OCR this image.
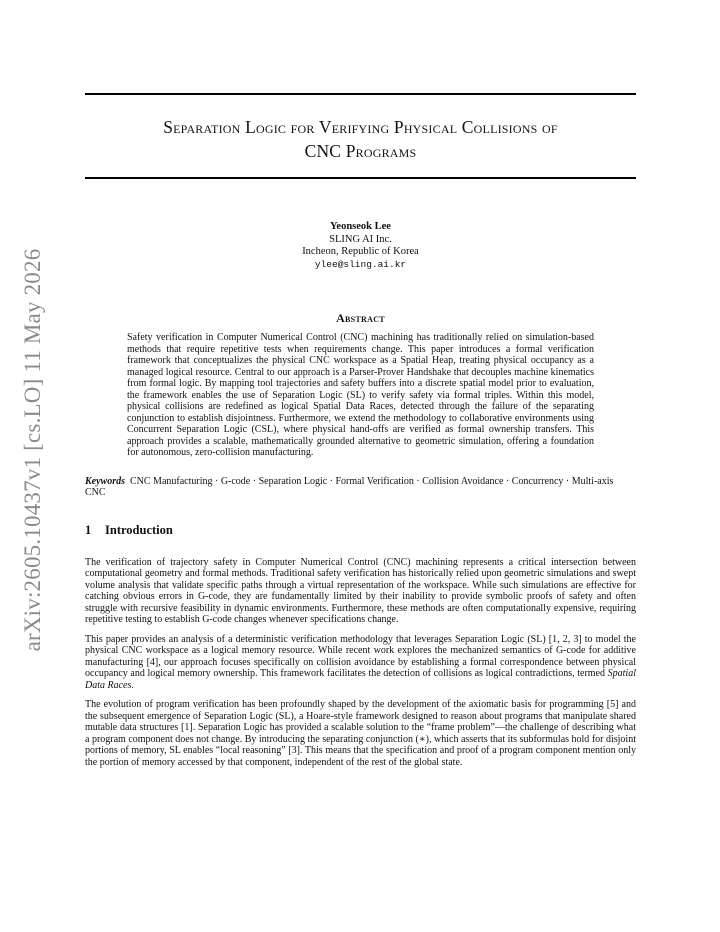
arXiv:2605.10437v1 [cs.LO] 11 May 2026
Separation Logic for Verifying Physical Collisions of
CNC Programs
Yeonseok Lee
SLING AI Inc.
Incheon, Republic of Korea
ylee@sling.ai.kr
Abstract
Safety verification in Computer Numerical Control (CNC) machining has traditionally relied on simulation-based methods that require repetitive tests when requirements change. This paper introduces a formal verification framework that conceptualizes the physical CNC workspace as a Spatial Heap, treating physical occupancy as a managed logical resource. Central to our approach is a Parser-Prover Handshake that decouples machine kinematics from formal logic. By mapping tool trajectories and safety buffers into a discrete spatial model prior to evaluation, the framework enables the use of Separation Logic (SL) to verify safety via formal triples. Within this model, physical collisions are redefined as logical Spatial Data Races, detected through the failure of the separating conjunction to establish disjointness. Furthermore, we extend the methodology to collaborative environments using Concurrent Separation Logic (CSL), where physical hand-offs are verified as formal ownership transfers. This approach provides a scalable, mathematically grounded alternative to geometric simulation, offering a foundation for autonomous, zero-collision manufacturing.
Keywords CNC Manufacturing · G-code · Separation Logic · Formal Verification · Collision Avoidance · Concurrency · Multi-axis CNC
1 Introduction
The verification of trajectory safety in Computer Numerical Control (CNC) machining represents a critical intersection between computational geometry and formal methods. Traditional safety verification has historically relied upon geometric simulations and swept volume analysis that validate specific paths through a virtual representation of the workspace. While such simulations are effective for catching obvious errors in G-code, they are fundamentally limited by their inability to provide symbolic proofs of safety and often struggle with recursive feasibility in dynamic environments. Furthermore, these methods are often computationally expensive, requiring repetitive testing to establish G-code changes whenever specifications change.
This paper provides an analysis of a deterministic verification methodology that leverages Separation Logic (SL) [1, 2, 3] to model the physical CNC workspace as a logical memory resource. While recent work explores the mechanized semantics of G-code for additive manufacturing [4], our approach focuses specifically on collision avoidance by establishing a formal correspondence between physical occupancy and logical memory ownership. This framework facilitates the detection of collisions as logical contradictions, termed Spatial Data Races.
The evolution of program verification has been profoundly shaped by the development of the axiomatic basis for programming [5] and the subsequent emergence of Separation Logic (SL), a Hoare-style framework designed to reason about programs that manipulate shared mutable data structures [1]. Separation Logic has provided a scalable solution to the “frame problem”—the challenge of describing what a program component does not change. By introducing the separating conjunction (∗), which asserts that its subformulas hold for disjoint portions of memory, SL enables “local reasoning” [3]. This means that the specification and proof of a program component mention only the portion of memory accessed by that component, independent of the rest of the global state.
